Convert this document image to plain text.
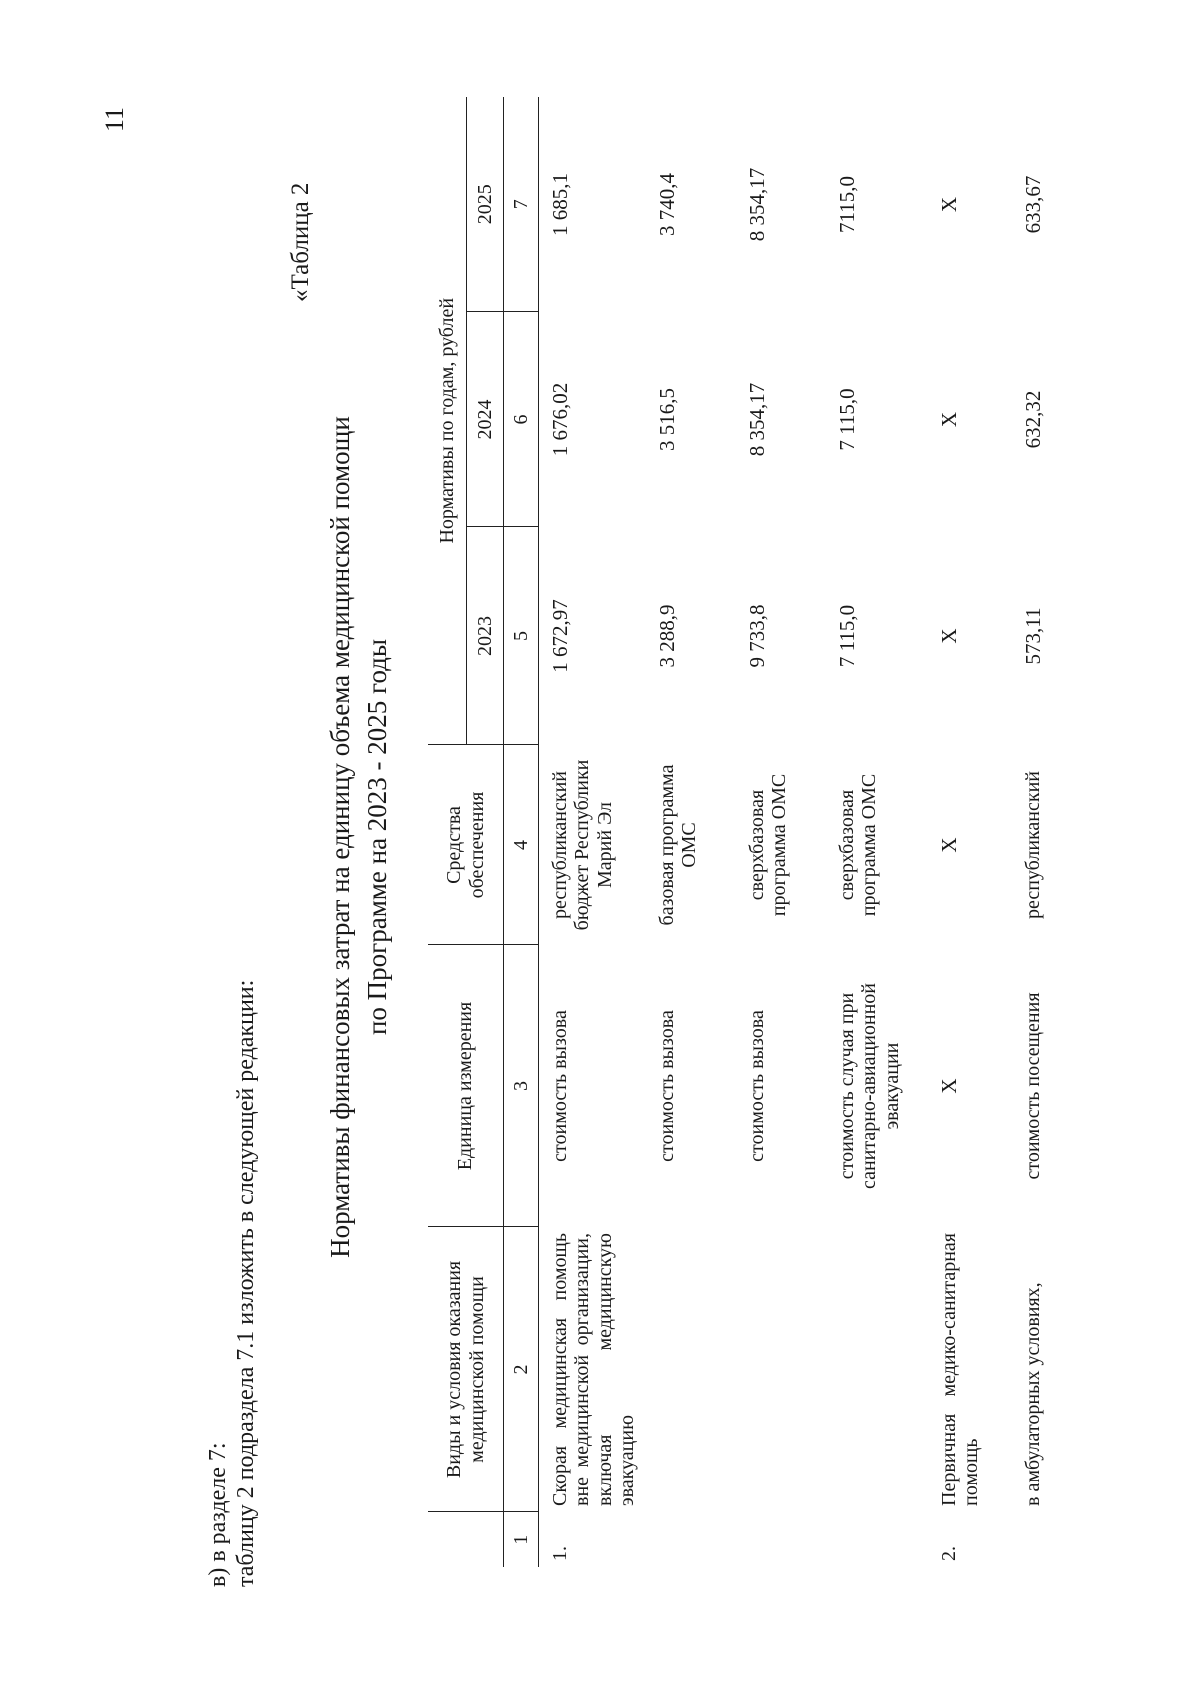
11
в) в разделе 7: таблицу 2 подраздела 7.1 изложить в следующей редакции:
«Таблица 2
Нормативы финансовых затрат на единицу объема медицинской помощи по Программе на 2023 - 2025 годы
	Виды и условия оказания медицинской помощи	Единица измерения	Средства обеспечения	Нормативы по годам, рублей		
				2023	2024	2025
1	2	3	4	5	6	7
1.	Скорая медицинская помощь вне медицинской организации, включая медицинскую эвакуацию	стоимость вызова	республиканский бюджет Республики Марий Эл	1 672,97	1 676,02	1 685,1
		стоимость вызова	базовая программа ОМС	3 288,9	3 516,5	3 740,4
		стоимость вызова	сверхбазовая программа ОМС	9 733,8	8 354,17	8 354,17
		стоимость случая при санитарно-авиационной эвакуации	сверхбазовая программа ОМС	7 115,0	7 115,0	7115,0
2.	Первичная медико-санитарная помощь	Х	Х	Х	Х	Х
	в амбулаторных условиях,	стоимость посещения	республиканский	573,11	632,32	633,67
